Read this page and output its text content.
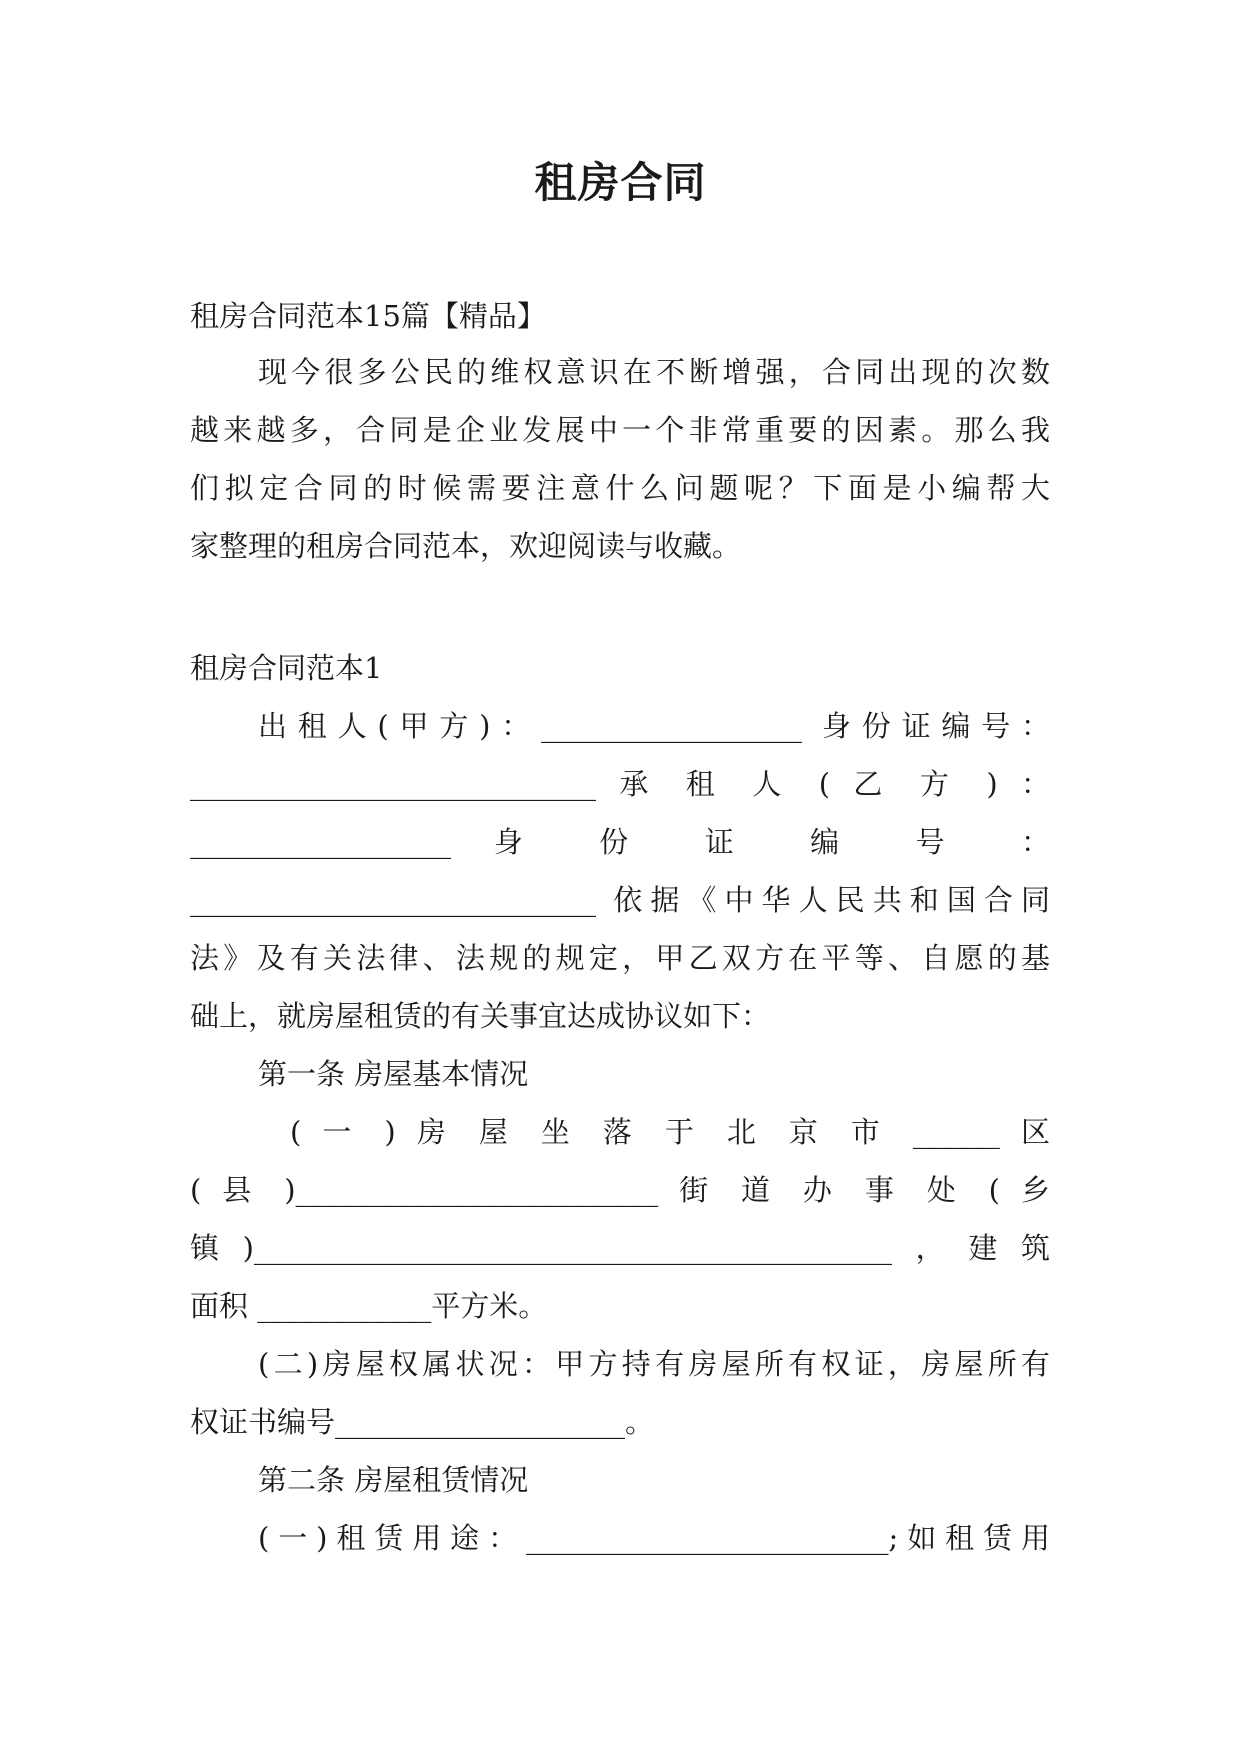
租房合同
租房合同范本15篇【精品】
现今很多公民的维权意识在不断增强，合同出现的次数
越来越多，合同是企业发展中一个非常重要的因素。那么我
们拟定合同的时候需要注意什么问题呢？下面是小编帮大
家整理的租房合同范本，欢迎阅读与收藏。
租房合同范本1
出租人(甲方)：__________________ 身份证编号：
____________________________ 承 租 人 ( 乙 方 ) ：
__________________ 身 份 证 编 号 ：
____________________________ 依据《中华人民共和国合同
法》及有关法律、法规的规定，甲乙双方在平等、自愿的基
础上，就房屋租赁的有关事宜达成协议如下：
第一条 房屋基本情况
( 一 ) 房 屋 坐 落 于 北 京 市 ______ 区
( 县 )_________________________ 街 道 办 事 处 ( 乡
镇)____________________________________________，建筑
面积 ____________平方米。
(二)房屋权属状况：甲方持有房屋所有权证，房屋所有
权证书编号____________________。
第二条 房屋租赁情况
(一)租赁用途：_________________________;如租赁用
